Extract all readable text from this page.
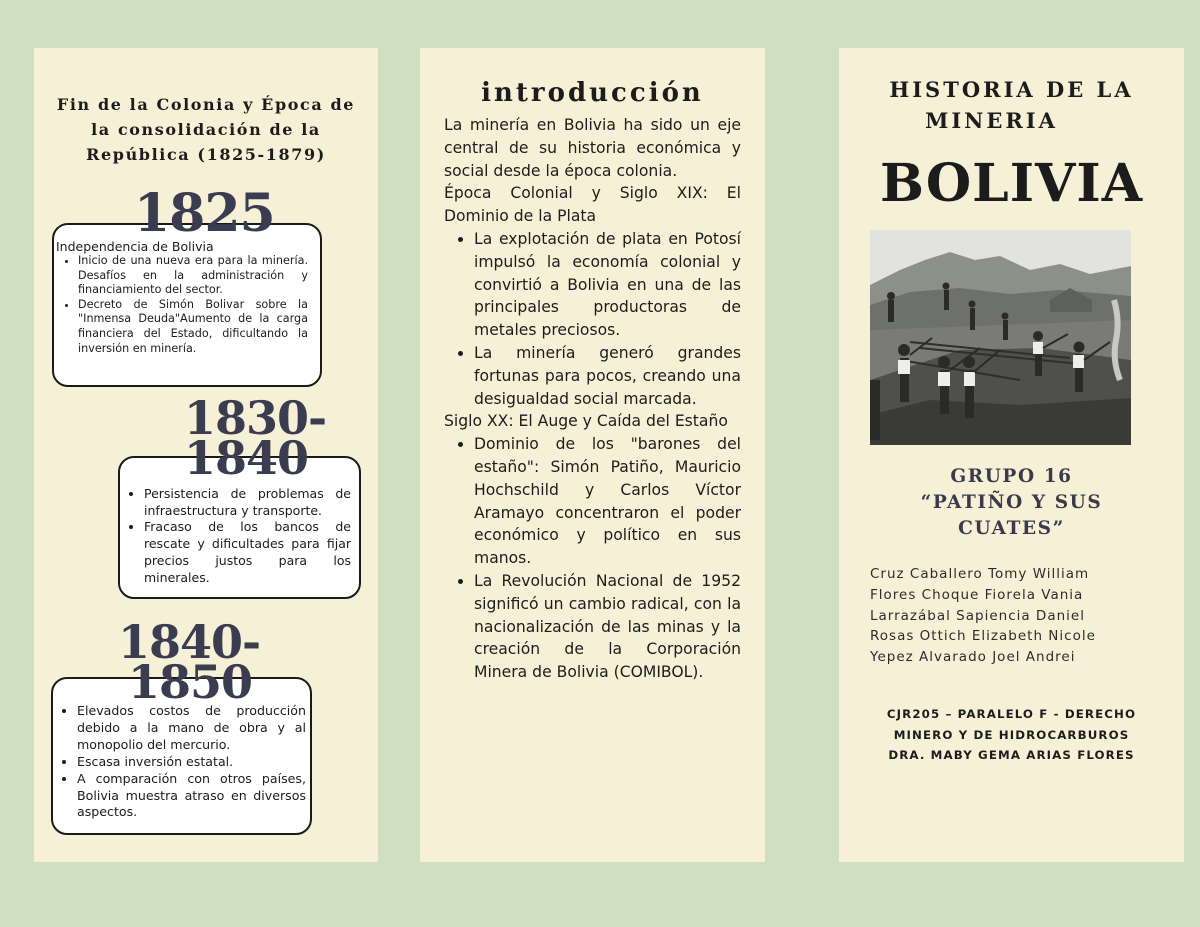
Fin de la Colonia y Época de
la consolidación de la
República (1825-1879)
1825
Independencia de Bolivia
• Inicio de una nueva era para la minería. Desafíos en la administración y financiamiento del sector.
• Decreto de Simón Bolivar sobre la "Inmensa Deuda"Aumento de la carga financiera del Estado, dificultando la inversión en minería.
1830-
1840
• Persistencia de problemas de infraestructura y transporte.
• Fracaso de los bancos de rescate y dificultades para fijar precios justos para los minerales.
1840-
1850
• Elevados costos de producción debido a la mano de obra y al monopolio del mercurio.
• Escasa inversión estatal.
• A comparación con otros países, Bolivia muestra atraso en diversos aspectos.
introducción

La minería en Bolivia ha sido un eje central de su historia económica y social desde la época colonia.

Época Colonial y Siglo XIX: El Dominio de la Plata

• La explotación de plata en Potosí impulsó la economía colonial y convirtió a Bolivia en una de las principales productoras de metales preciosos.
• La minería generó grandes fortunas para pocos, creando una desigualdad social marcada.

Siglo XX: El Auge y Caída del Estaño

• Dominio de los "barones del estaño": Simón Patiño, Mauricio Hochschild y Carlos Víctor Aramayo concentraron el poder económico y político en sus manos.
• La Revolución Nacional de 1952 significó un cambio radical, con la nacionalización de las minas y la creación de la Corporación Minera de Bolivia (COMIBOL).
HISTORIA DE LA
MINERIA
BOLIVIA
GRUPO 16
“PATIÑO Y SUS
CUATES”
Cruz Caballero Tomy William
Flores Choque Fiorela Vania
Larrazábal Sapiencia Daniel
Rosas Ottich Elizabeth Nicole
Yepez Alvarado Joel Andrei
CJR205 – PARALELO F - DERECHO
MINERO Y DE HIDROCARBUROS
DRA. MABY GEMA ARIAS FLORES
